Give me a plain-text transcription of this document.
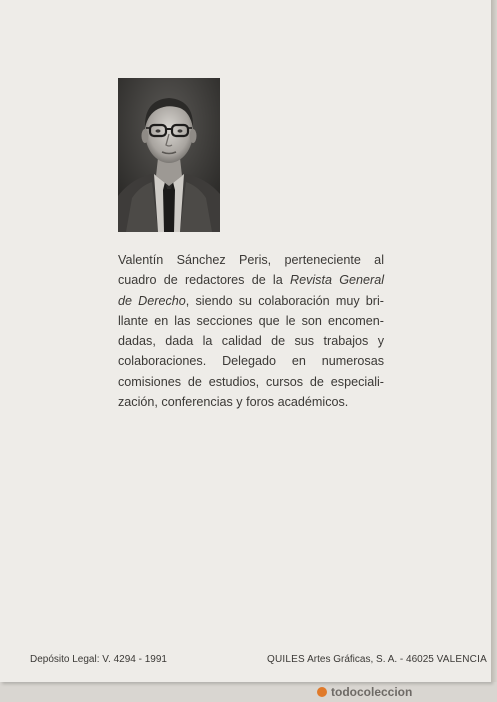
Valentín Sánchez Peris, perteneciente al
cuadro de redactores de la Revista General
de Derecho, siendo su colaboración muy bri-
llante en las secciones que le son encomen-
dadas, dada la calidad de sus trabajos y
colaboraciones. Delegado en numerosas
comisiones de estudios, cursos de especiali-
zación, conferencias y foros académicos.
Depósito Legal: V. 4294 - 1991	QUILES Artes Gráficas, S. A. - 46025 VALENCIA
todocoleccion
